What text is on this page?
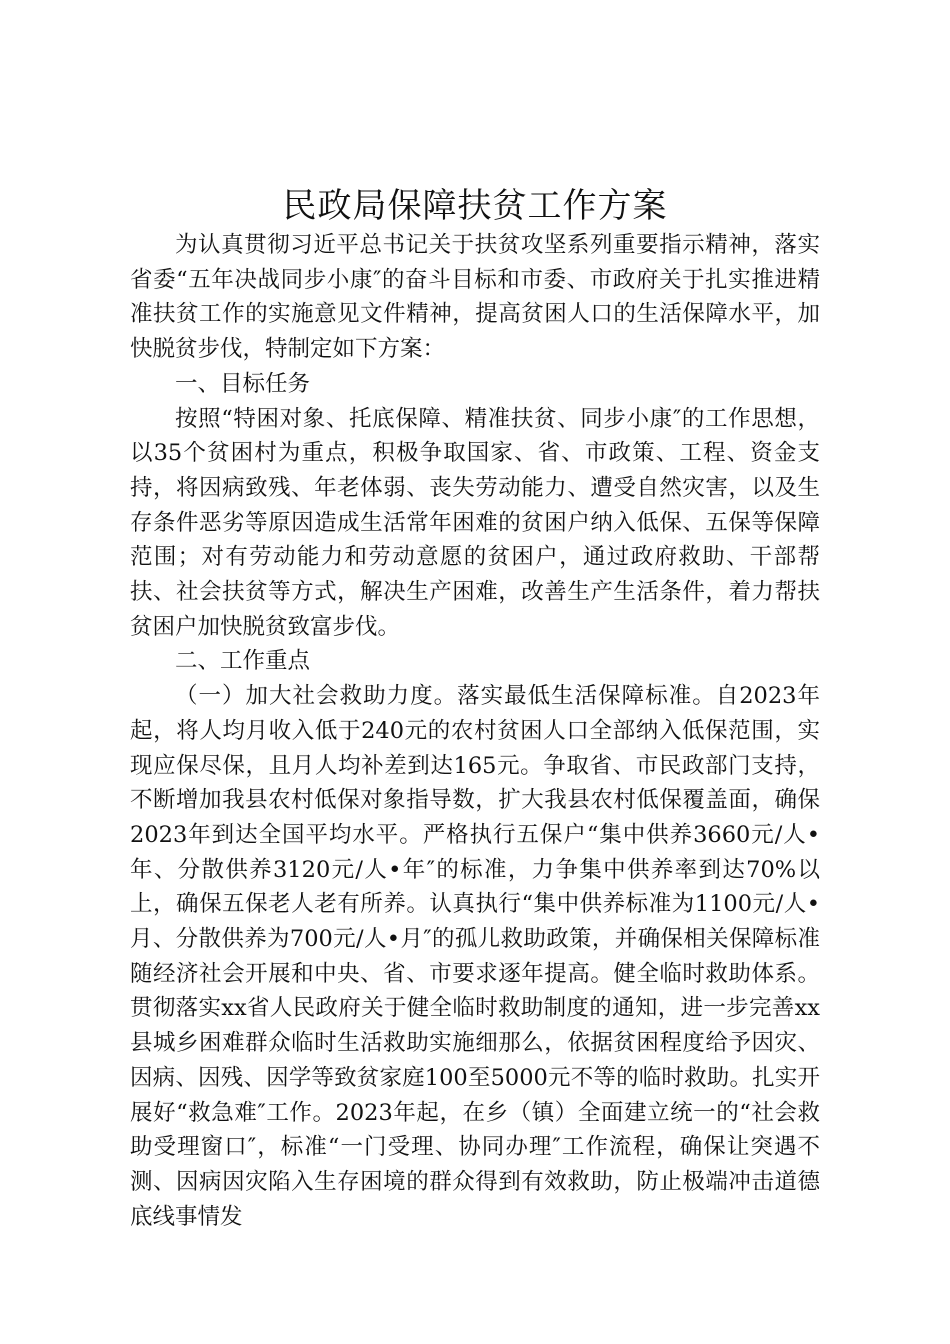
民政局保障扶贫工作方案

为认真贯彻习近平总书记关于扶贫攻坚系列重要指示精神，落实省委“五年决战同步小康″的奋斗目标和市委、市政府关于扎实推进精准扶贫工作的实施意见文件精神，提高贫困人口的生活保障水平，加快脱贫步伐，特制定如下方案：

一、目标任务

按照“特困对象、托底保障、精准扶贫、同步小康″的工作思想，以35个贫困村为重点，积极争取国家、省、市政策、工程、资金支持，将因病致残、年老体弱、丧失劳动能力、遭受自然灾害，以及生存条件恶劣等原因造成生活常年困难的贫困户纳入低保、五保等保障范围；对有劳动能力和劳动意愿的贫困户，通过政府救助、干部帮扶、社会扶贫等方式，解决生产困难，改善生产生活条件，着力帮扶贫困户加快脱贫致富步伐。

二、工作重点

（一）加大社会救助力度。落实最低生活保障标准。自2023年起，将人均月收入低于240元的农村贫困人口全部纳入低保范围，实现应保尽保，且月人均补差到达165元。争取省、市民政部门支持，不断增加我县农村低保对象指导数，扩大我县农村低保覆盖面，确保2023年到达全国平均水平。严格执行五保户“集中供养3660元/人•年、分散供养3120元/人•年″的标准，力争集中供养率到达70%以上，确保五保老人老有所养。认真执行“集中供养标准为1100元/人•月、分散供养为700元/人•月″的孤儿救助政策，并确保相关保障标准随经济社会开展和中央、省、市要求逐年提高。健全临时救助体系。贯彻落实xx省人民政府关于健全临时救助制度的通知，进一步完善xx县城乡困难群众临时生活救助实施细那么，依据贫困程度给予因灾、因病、因残、因学等致贫家庭100至5000元不等的临时救助。扎实开展好“救急难″工作。2023年起，在乡（镇）全面建立统一的“社会救助受理窗口″，标准“一门受理、协同办理″工作流程，确保让突遇不测、因病因灾陷入生存困境的群众得到有效救助，防止极端冲击道德底线事情发
